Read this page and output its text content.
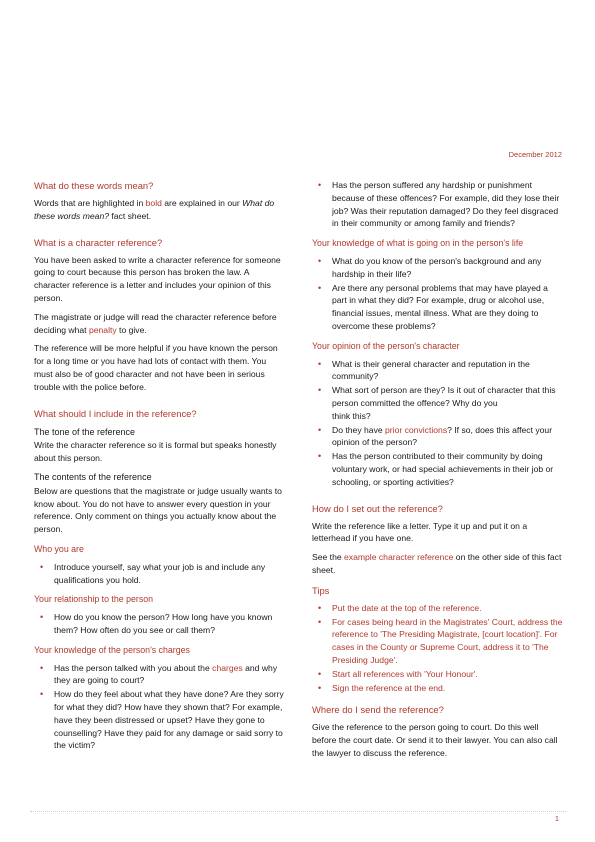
December 2012
What do these words mean?

Words that are highlighted in bold are explained in our What do these words mean? fact sheet.

What is a character reference?

You have been asked to write a character reference for someone going to court because this person has broken the law. A character reference is a letter and includes your opinion of this person.

The magistrate or judge will read the character reference before deciding what penalty to give.

The reference will be more helpful if you have known the person for a long time or you have had lots of contact with them. You must also be of good character and not have been in serious trouble with the police before.

What should I include in the reference?
The tone of the reference

Write the character reference so it is formal but speaks honestly about this person.

The contents of the reference

Below are questions that the magistrate or judge usually wants to know about. You do not have to answer every question in your reference. Only comment on things you actually know about the person.

Who you are
• Introduce yourself, say what your job is and include any qualifications you hold.
Your relationship to the person
• How do you know the person? How long have you known them? How often do you see or call them?
Your knowledge of the person's charges
• Has the person talked with you about the charges and why they are going to court?
• How do they feel about what they have done? Are they sorry for what they did? How have they shown that? For example, have they been distressed or upset? Have they gone to counselling? Have they paid for any damage or said sorry to the victim?
• Has the person suffered any hardship or punishment because of these offences? For example, did they lose their job? Was their reputation damaged? Do they feel disgraced in their community or among family and friends?
Your knowledge of what is going on in the person's life
• What do you know of the person's background and any hardship in their life?
• Are there any personal problems that may have played a part in what they did? For example, drug or alcohol use, financial issues, mental illness. What are they doing to overcome these problems?
Your opinion of the person's character
• What is their general character and reputation in the community?
• What sort of person are they? Is it out of character that this person committed the offence? Why do you
think this?
• Do they have prior convictions? If so, does this affect your opinion of the person?
• Has the person contributed to their community by doing voluntary work, or had special achievements in their job or schooling, or sporting activities?
How do I set out the reference?

Write the reference like a letter. Type it up and put it on a letterhead if you have one.

See the example character reference on the other side of this fact sheet.

Tips
• Put the date at the top of the reference.
• For cases being heard in the Magistrates' Court, address the reference to 'The Presiding Magistrate, [court location]'. For cases in the County or Supreme Court, address it to 'The Presiding Judge'.
• Start all references with 'Your Honour'.
• Sign the reference at the end.
Where do I send the reference?

Give the reference to the person going to court. Do this well before the court date. Or send it to their lawyer. You can also call the lawyer to discuss the reference.

1
